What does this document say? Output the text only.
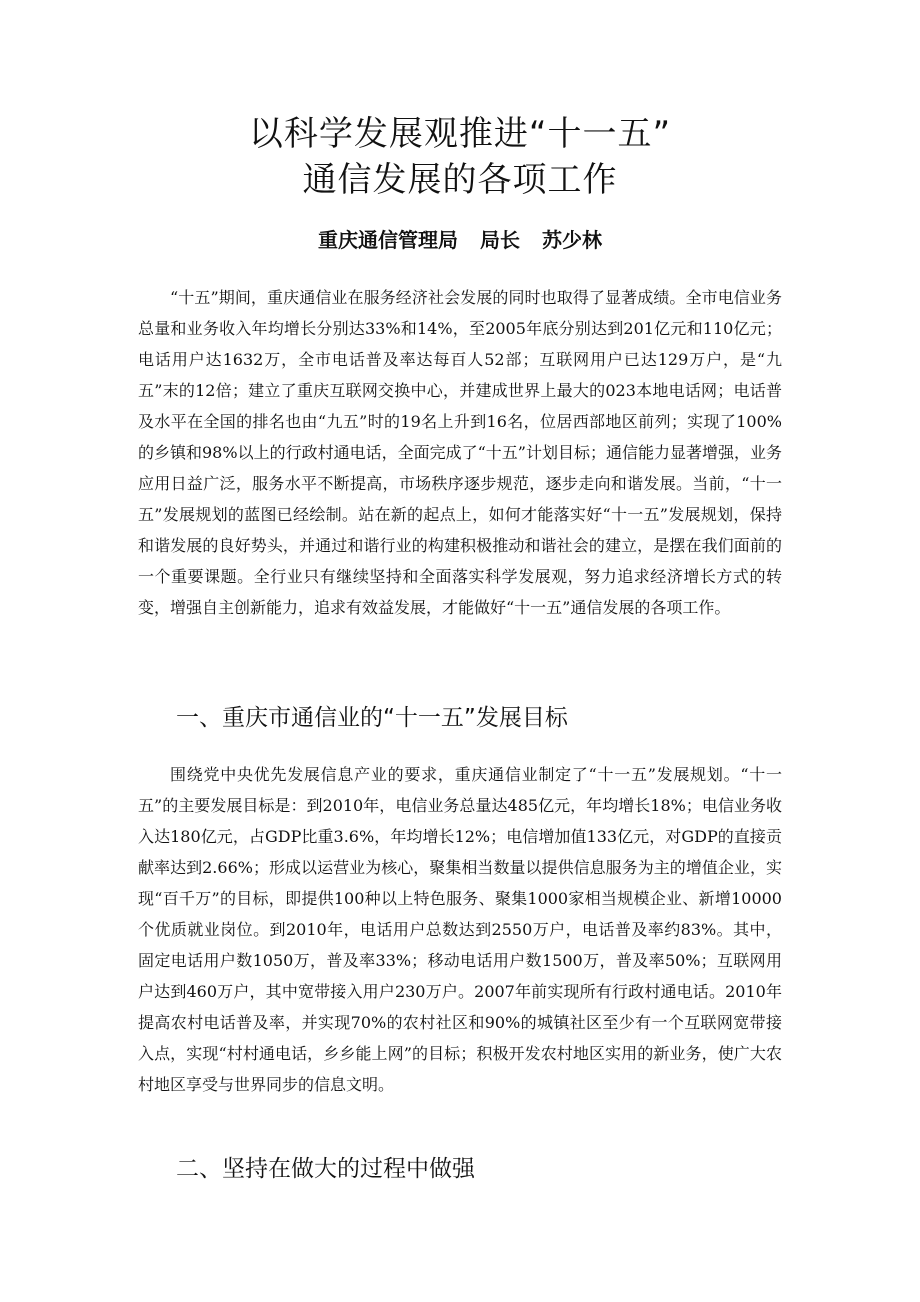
以科学发展观推进“十一五”
通信发展的各项工作
重庆通信管理局 局长 苏少林

“十五”期间，重庆通信业在服务经济社会发展的同时也取得了显著成绩。全市电信业务总量和业务收入年均增长分别达33%和14%，至2005年底分别达到201亿元和110亿元；电话用户达1632万，全市电话普及率达每百人52部；互联网用户已达129万户，是“九五”末的12倍；建立了重庆互联网交换中心，并建成世界上最大的023本地电话网；电话普及水平在全国的排名也由“九五”时的19名上升到16名，位居西部地区前列；实现了100%的乡镇和98%以上的行政村通电话，全面完成了“十五”计划目标；通信能力显著增强，业务应用日益广泛，服务水平不断提高，市场秩序逐步规范，逐步走向和谐发展。当前，“十一五”发展规划的蓝图已经绘制。站在新的起点上，如何才能落实好“十一五”发展规划，保持和谐发展的良好势头，并通过和谐行业的构建积极推动和谐社会的建立，是摆在我们面前的一个重要课题。全行业只有继续坚持和全面落实科学发展观，努力追求经济增长方式的转变，增强自主创新能力，追求有效益发展，才能做好“十一五”通信发展的各项工作。

一、重庆市通信业的“十一五”发展目标

围绕党中央优先发展信息产业的要求，重庆通信业制定了“十一五”发展规划。“十一五”的主要发展目标是：到2010年，电信业务总量达485亿元，年均增长18%；电信业务收入达180亿元，占GDP比重3.6%，年均增长12%；电信增加值133亿元，对GDP的直接贡献率达到2.66%；形成以运营业为核心，聚集相当数量以提供信息服务为主的增值企业，实现“百千万”的目标，即提供100种以上特色服务、聚集1000家相当规模企业、新增10000个优质就业岗位。到2010年，电话用户总数达到2550万户，电话普及率约83%。其中，固定电话用户数1050万，普及率33%；移动电话用户数1500万，普及率50%；互联网用户达到460万户，其中宽带接入用户230万户。2007年前实现所有行政村通电话。2010年提高农村电话普及率，并实现70%的农村社区和90%的城镇社区至少有一个互联网宽带接入点，实现“村村通电话，乡乡能上网”的目标；积极开发农村地区实用的新业务，使广大农村地区享受与世界同步的信息文明。

二、坚持在做大的过程中做强
